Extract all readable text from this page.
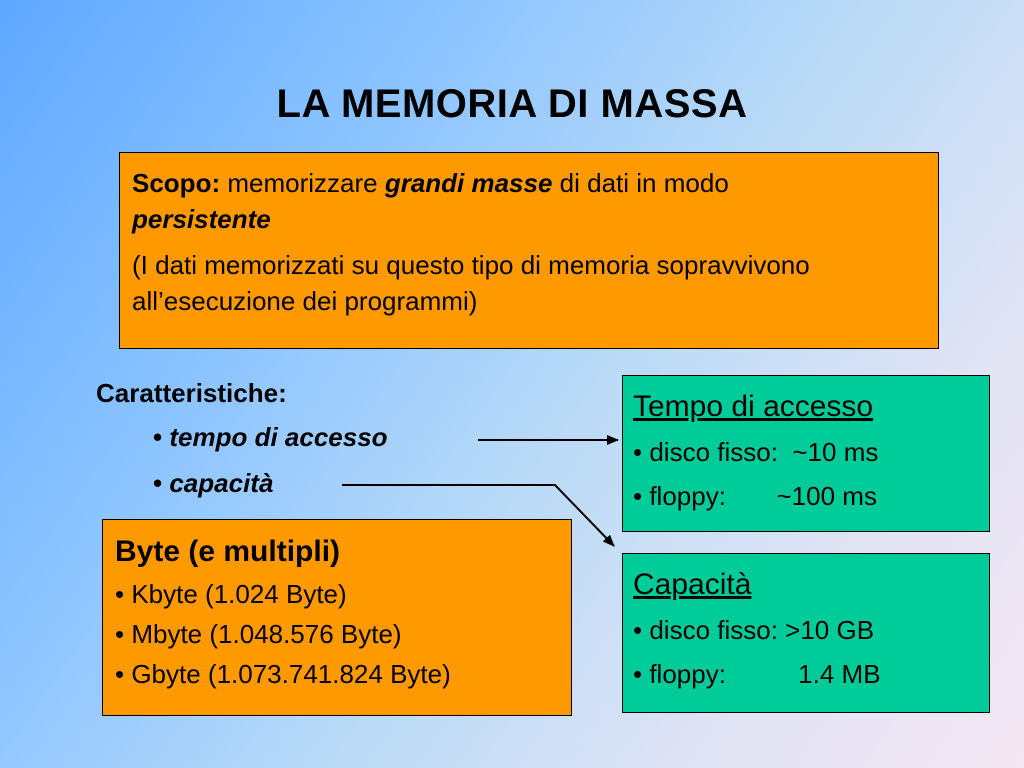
LA MEMORIA DI MASSA

Scopo: memorizzare grandi masse di dati in modo
persistente

(I dati memorizzati su questo tipo di memoria sopravvivono all’esecuzione dei programmi)

Caratteristiche:
• tempo di accesso
• capacità
Byte (e multipli)
• Kbyte (1.024 Byte)
• Mbyte (1.048.576 Byte)
• Gbyte (1.073.741.824 Byte)
Tempo di accesso
• disco fisso:  ~10 ms
• floppy:       ~100 ms
Capacità
• disco fisso: >10 GB
• floppy:          1.4 MB
